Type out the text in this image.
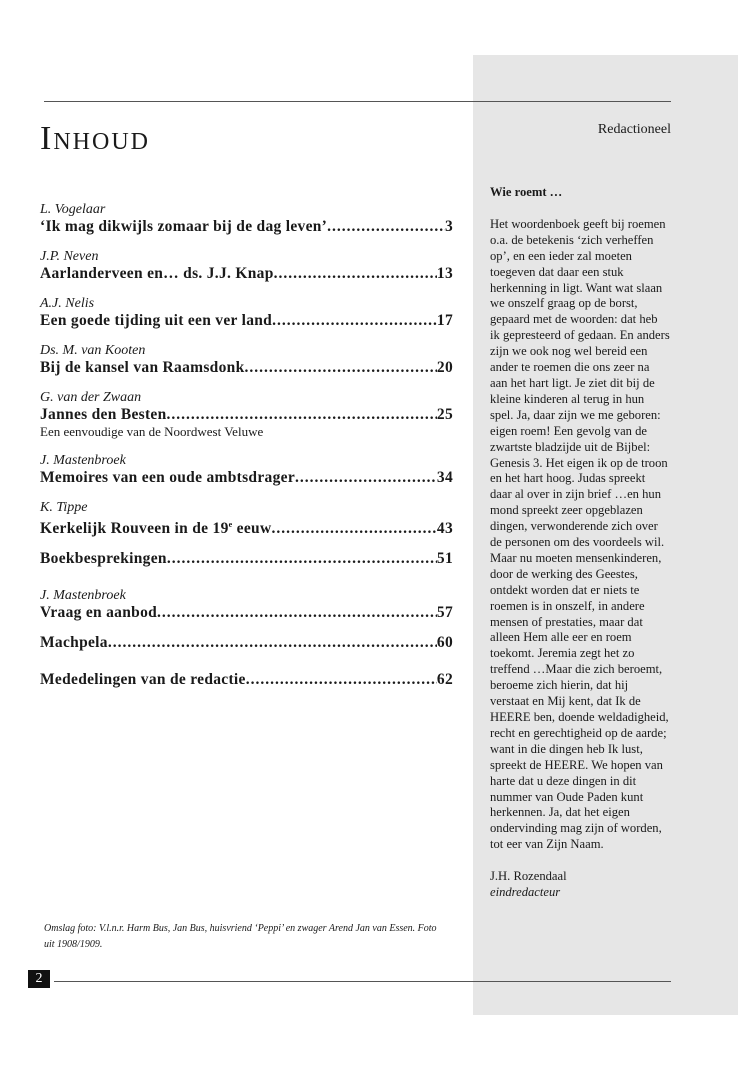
Inhoud
L. Vogelaar
‘Ik mag dikwijls zomaar bij de dag leven’ .....	3
J.P. Neven
Aarlanderveen en… ds. J.J. Knap .....	13
A.J. Nelis
Een goede tijding uit een ver land .....	17
Ds. M. van Kooten
Bij de kansel van Raamsdonk .....	20
G. van der Zwaan
Jannes den Besten .....	25
Een eenvoudige van de Noordwest Veluwe
J. Mastenbroek
Memoires van een oude ambtsdrager .....	34
K. Tippe
Kerkelijk Rouveen in de 19e eeuw .....	43
Boekbesprekingen .....	51
J. Mastenbroek
Vraag en aanbod .....	57
Machpela .....	60
Mededelingen van de redactie .....	62
Redactioneel

Wie roemt …

Het woordenboek geeft bij roemen o.a. de betekenis ‘zich verheffen op’, en een ieder zal moeten toegeven dat daar een stuk herkenning in ligt. Want wat slaan we onszelf graag op de borst, gepaard met de woorden: dat heb ik gepresteerd of gedaan. En anders zijn we ook nog wel bereid een ander te roemen die ons zeer na aan het hart ligt. Je ziet dit bij de kleine kinderen al terug in hun spel. Ja, daar zijn we me geboren: eigen roem! Een gevolg van de zwartste bladzijde uit de Bijbel: Genesis 3. Het eigen ik op de troon en het hart hoog. Judas spreekt daar al over in zijn brief …en hun mond spreekt zeer opgeblazen dingen, verwonderende zich over de personen om des voordeels wil. Maar nu moeten mensenkinderen, door de werking des Geestes, ontdekt worden dat er niets te roemen is in onszelf, in andere mensen of prestaties, maar dat alleen Hem alle eer en roem toekomt. Jeremia zegt het zo treffend …Maar die zich beroemt, beroeme zich hierin, dat hij verstaat en Mij kent, dat Ik de HEERE ben, doende weldadigheid, recht en gerechtigheid op de aarde; want in die dingen heb Ik lust, spreekt de HEERE. We hopen van harte dat u deze dingen in dit nummer van Oude Paden kunt herkennen. Ja, dat het eigen ondervinding mag zijn of worden, tot eer van Zijn Naam.

J.H. Rozendaal

eindredacteur

Omslag foto: V.l.n.r. Harm Bus, Jan Bus, huisvriend ‘Peppi’ en zwager Arend Jan van Essen. Foto uit 1908/1909.
2
